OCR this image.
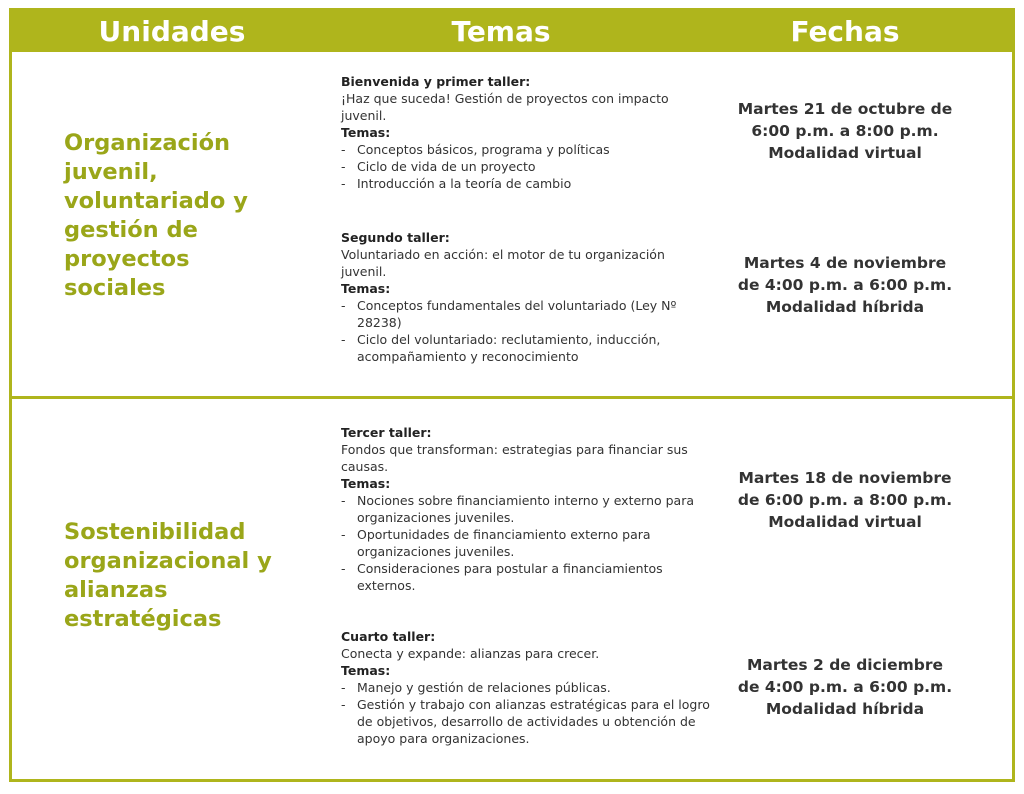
Unidades	Temas	Fechas
Organización juvenil, voluntariado y gestión de proyectos sociales
Bienvenida y primer taller:
¡Haz que suceda! Gestión de proyectos con impacto juvenil.
Temas:
- Conceptos básicos, programa y políticas
- Ciclo de vida de un proyecto
- Introducción a la teoría de cambio
Martes 21 de octubre de
6:00 p.m. a 8:00 p.m.
Modalidad virtual
Segundo taller:
Voluntariado en acción: el motor de tu organización juvenil.
Temas:
- Conceptos fundamentales del voluntariado (Ley Nº 28238)
- Ciclo del voluntariado: reclutamiento, inducción, acompañamiento y reconocimiento
Martes 4 de noviembre
de 4:00 p.m. a 6:00 p.m.
Modalidad híbrida
Sostenibilidad organizacional y alianzas estratégicas
Tercer taller:
Fondos que transforman: estrategias para financiar sus causas.
Temas:
- Nociones sobre financiamiento interno y externo para organizaciones juveniles.
- Oportunidades de financiamiento externo para organizaciones juveniles.
- Consideraciones para postular a financiamientos externos.
Martes 18 de noviembre
de 6:00 p.m. a 8:00 p.m.
Modalidad virtual
Cuarto taller:
Conecta y expande: alianzas para crecer.
Temas:
- Manejo y gestión de relaciones públicas.
- Gestión y trabajo con alianzas estratégicas para el logro de objetivos, desarrollo de actividades u obtención de apoyo para organizaciones.
Martes 2 de diciembre
de 4:00 p.m. a 6:00 p.m.
Modalidad híbrida
